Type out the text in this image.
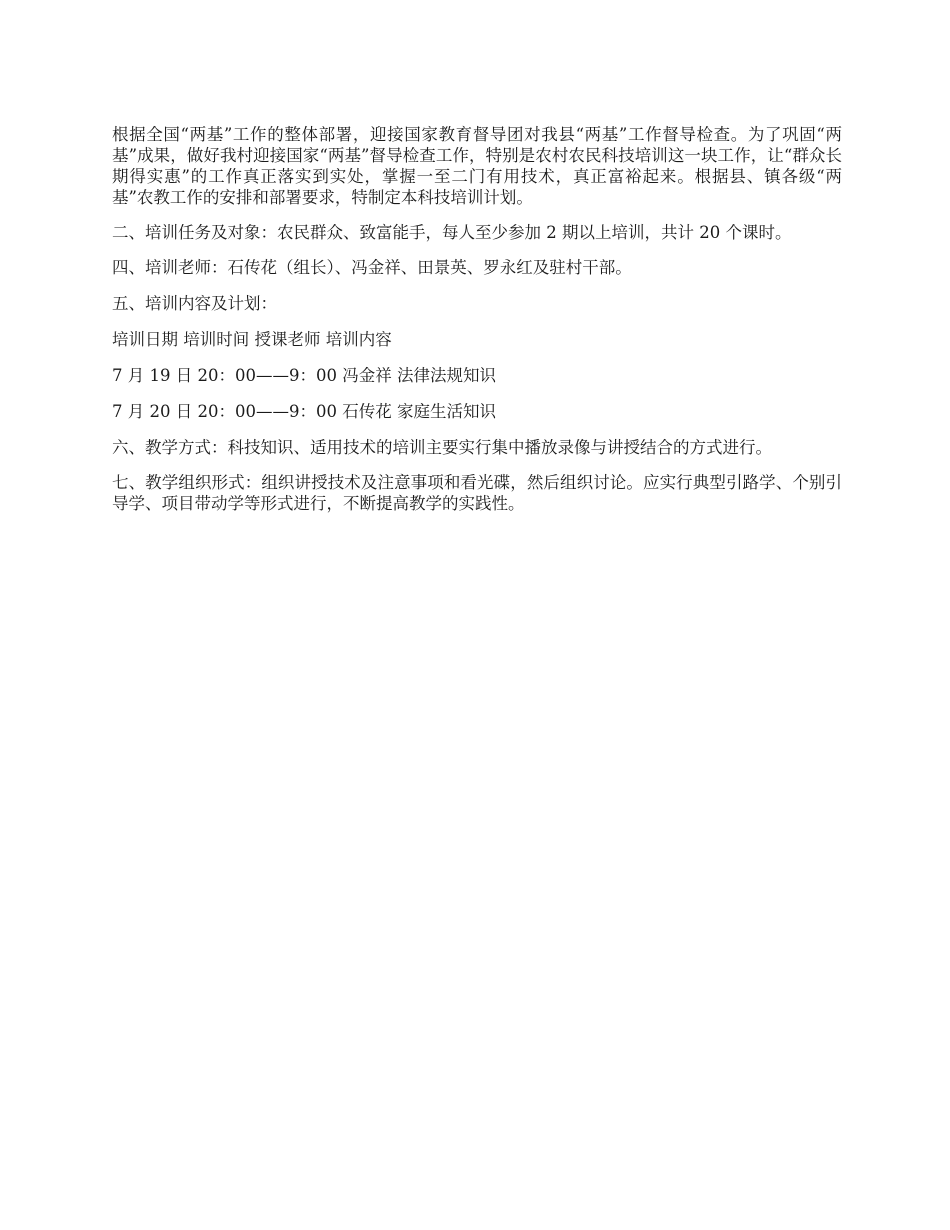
根据全国“两基”工作的整体部署，迎接国家教育督导团对我县“两基”工作督导检查。为了巩固“两基”成果，做好我村迎接国家“两基”督导检查工作，特别是农村农民科技培训这一块工作，让“群众长期得实惠”的工作真正落实到实处，掌握一至二门有用技术，真正富裕起来。根据县、镇各级“两基”农教工作的安排和部署要求，特制定本科技培训计划。

二、培训任务及对象：农民群众、致富能手，每人至少参加 2 期以上培训，共计 20 个课时。

四、培训老师：石传花（组长）、冯金祥、田景英、罗永红及驻村干部。

五、培训内容及计划：

培训日期 培训时间 授课老师 培训内容

7 月 19 日 20：00——9：00 冯金祥 法律法规知识

7 月 20 日 20：00——9：00 石传花 家庭生活知识

六、教学方式：科技知识、适用技术的培训主要实行集中播放录像与讲授结合的方式进行。

七、教学组织形式：组织讲授技术及注意事项和看光碟，然后组织讨论。应实行典型引路学、个别引导学、项目带动学等形式进行，不断提高教学的实践性。
